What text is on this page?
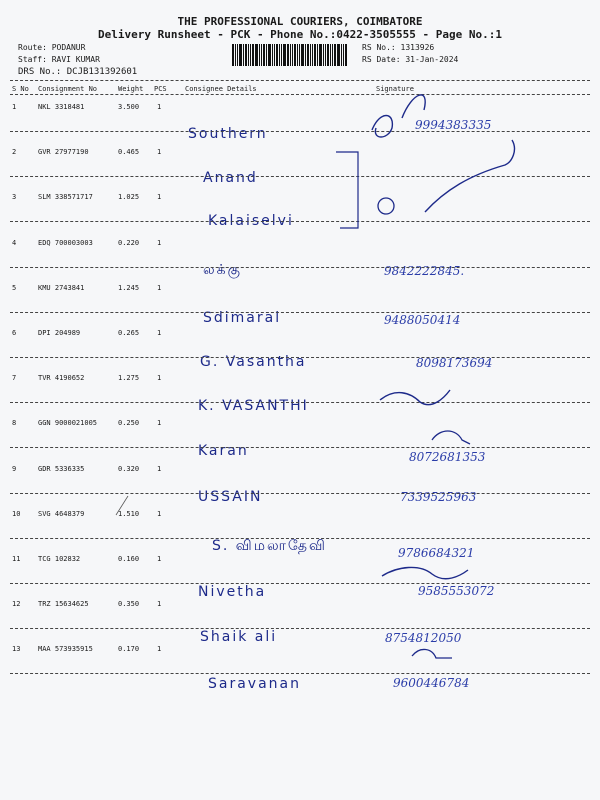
THE PROFESSIONAL COURIERS, COIMBATORE
Delivery Runsheet - PCK - Phone No.:0422-3505555 - Page No.:1
Route: PODANUR
Staff: RAVI KUMAR
DRS No.: DCJB131392601
RS No.: 1313926
RS Date: 31-Jan-2024
S No Consignment No	Weight PCS	Consignee Details	Signature
1	NKL 3318481	3.500	1
Southern
9994383335
2	GVR 27977190	0.465	1
Anand
3	SLM 338571717	1.025	1
Kalaiselvi
4	EDQ 700003003	0.220	1
லக்கு	9842222845.
5	KMU 2743841	1.245	1
Sdimaral	9488050414
6	DPI 204989	0.265	1
G. Vasantha	8098173694
7	TVR 4190652	1.275	1
K. VASANTHI
8	GGN 9000021005	0.250	1
Karan	8072681353
9	GDR 5336335	0.320	1
USSAIN	7339525963
10	SVG 4648379	1.510	1
S. விமலாதேவி	9786684321
11	TCG 102832	0.160	1
Nivetha	9585553072
12	TRZ 15634625	0.350	1
Shaik ali	8754812050
13	MAA 573935915	0.170	1
Saravanan	9600446784
